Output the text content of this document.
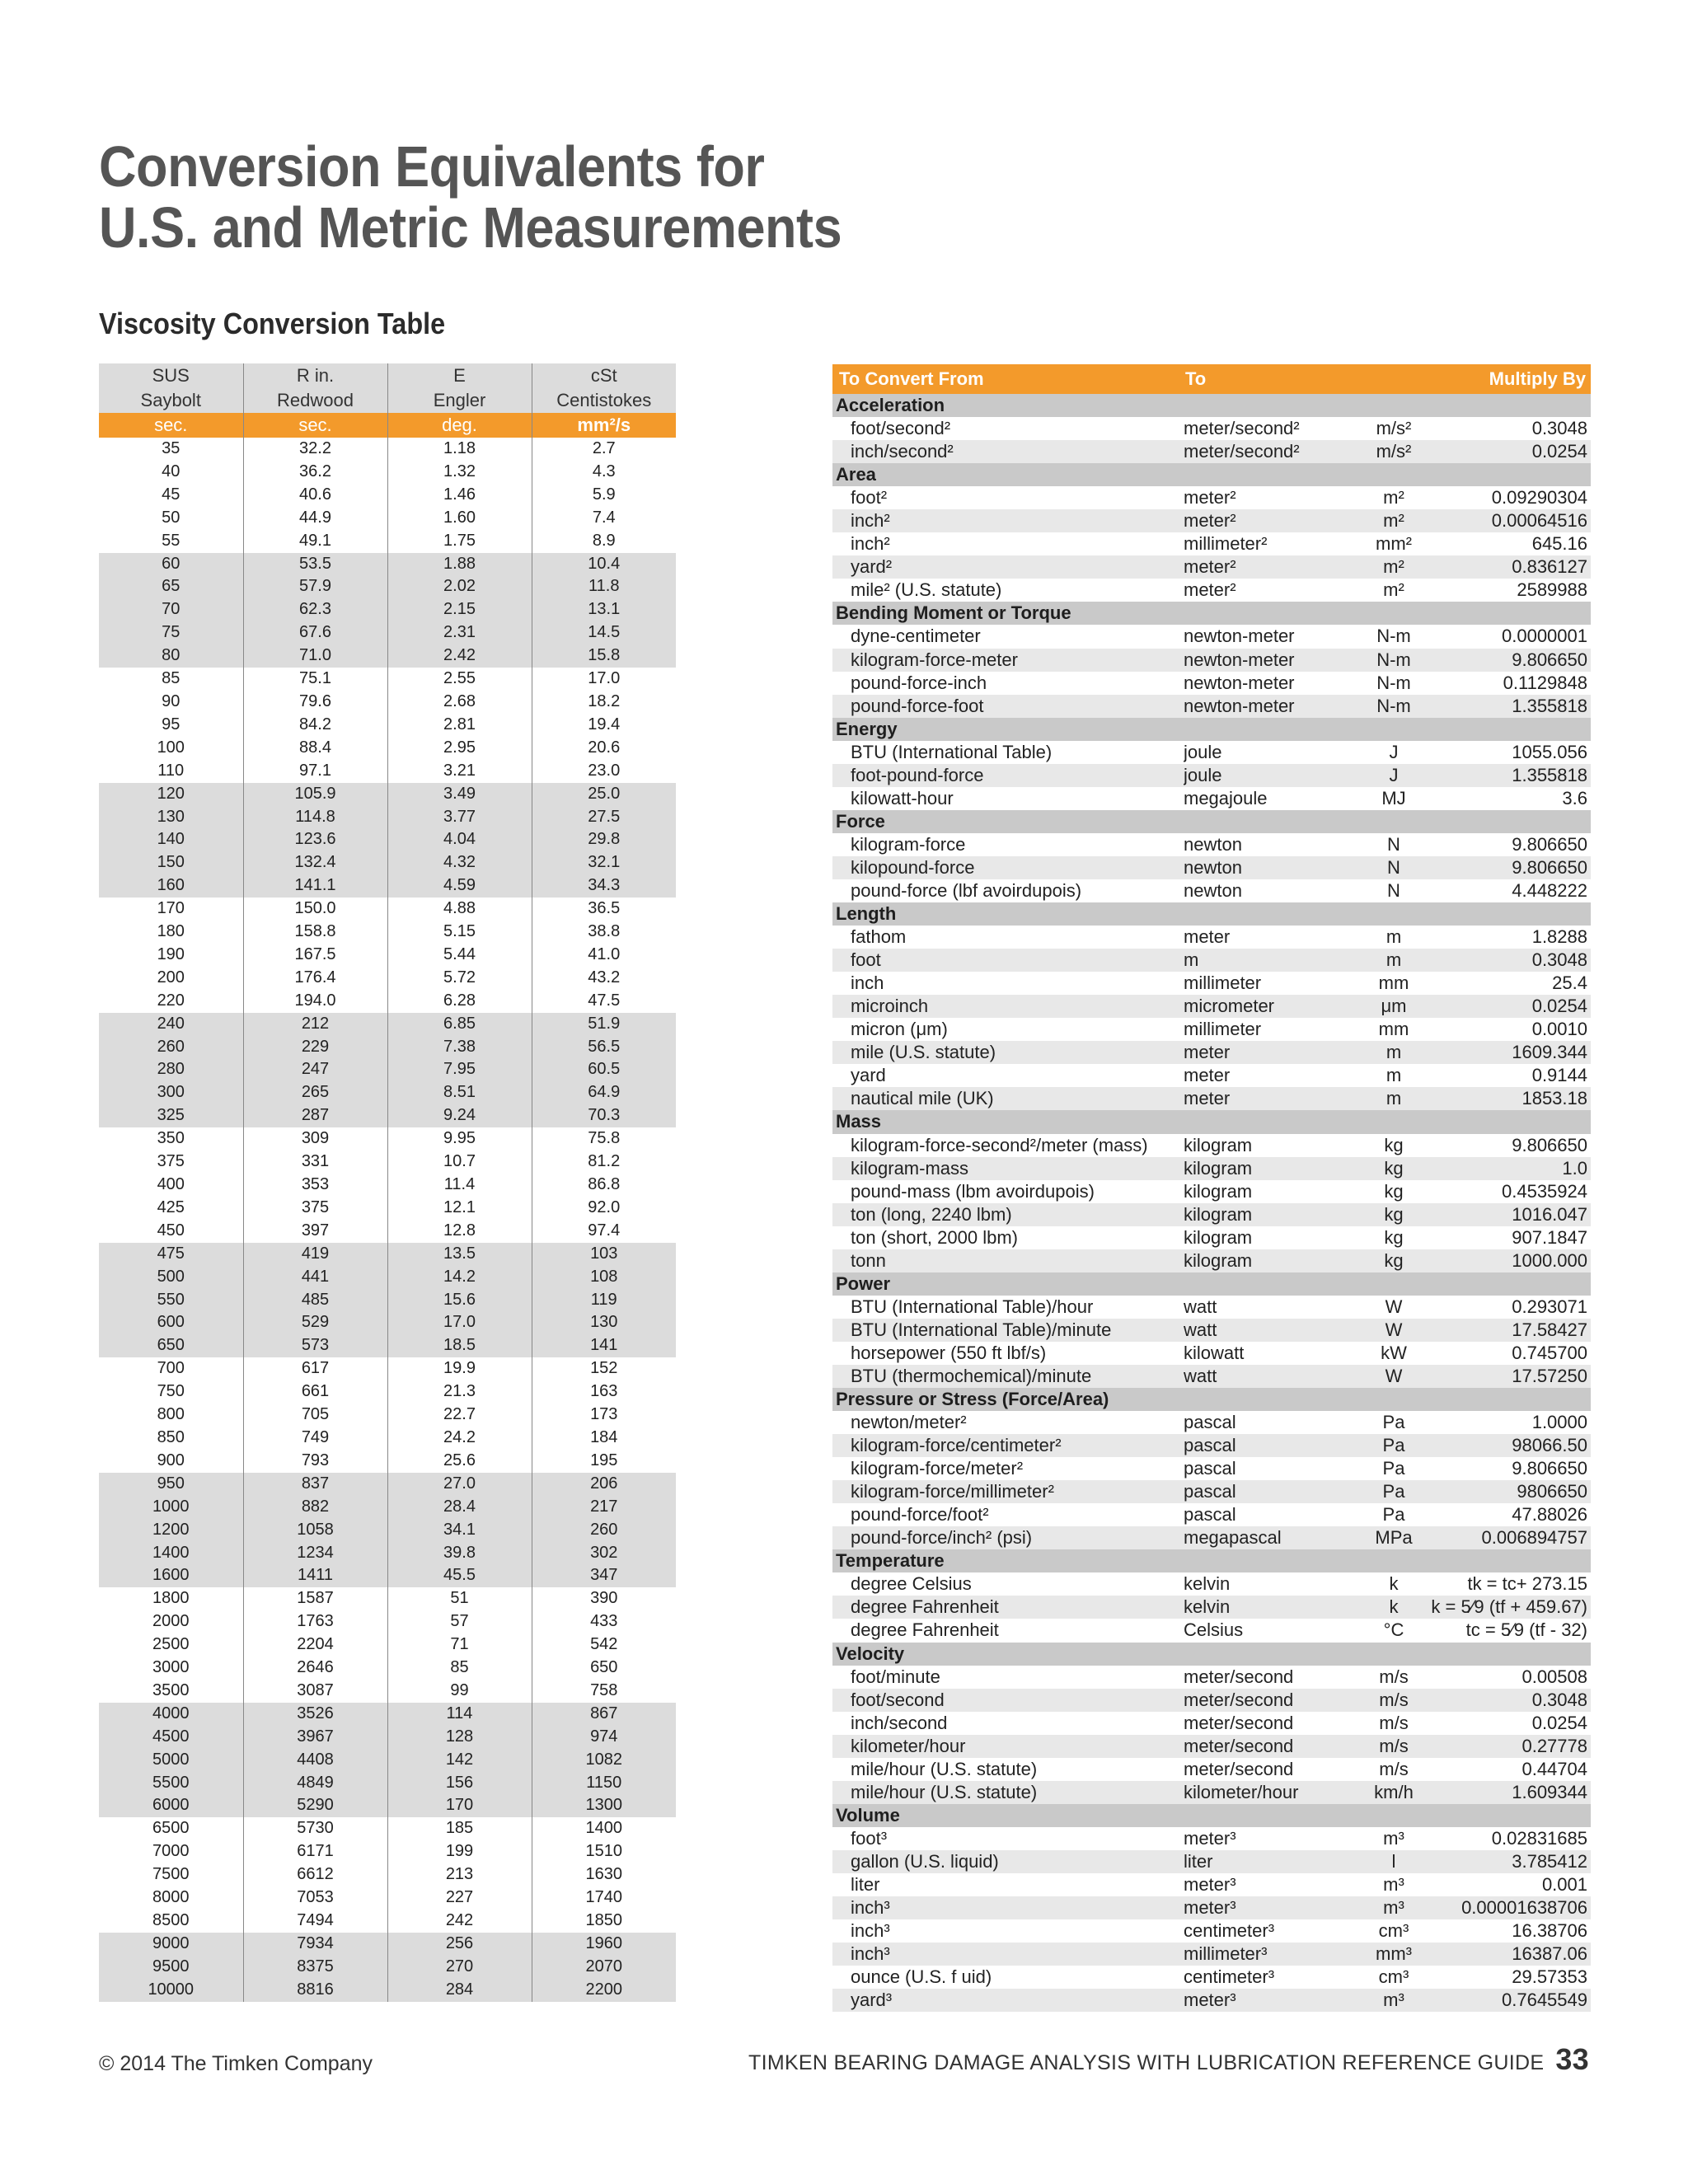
Conversion Equivalents for
U.S. and Metric Measurements
Viscosity Conversion Table
SUS	R in.	E	cSt
Saybolt	Redwood	Engler	Centistokes
sec.	sec.	deg.	mm²/s
35	32.2	1.18	2.7
40	36.2	1.32	4.3
45	40.6	1.46	5.9
50	44.9	1.60	7.4
55	49.1	1.75	8.9
60	53.5	1.88	10.4
65	57.9	2.02	11.8
70	62.3	2.15	13.1
75	67.6	2.31	14.5
80	71.0	2.42	15.8
85	75.1	2.55	17.0
90	79.6	2.68	18.2
95	84.2	2.81	19.4
100	88.4	2.95	20.6
110	97.1	3.21	23.0
120	105.9	3.49	25.0
130	114.8	3.77	27.5
140	123.6	4.04	29.8
150	132.4	4.32	32.1
160	141.1	4.59	34.3
170	150.0	4.88	36.5
180	158.8	5.15	38.8
190	167.5	5.44	41.0
200	176.4	5.72	43.2
220	194.0	6.28	47.5
240	212	6.85	51.9
260	229	7.38	56.5
280	247	7.95	60.5
300	265	8.51	64.9
325	287	9.24	70.3
350	309	9.95	75.8
375	331	10.7	81.2
400	353	11.4	86.8
425	375	12.1	92.0
450	397	12.8	97.4
475	419	13.5	103
500	441	14.2	108
550	485	15.6	119
600	529	17.0	130
650	573	18.5	141
700	617	19.9	152
750	661	21.3	163
800	705	22.7	173
850	749	24.2	184
900	793	25.6	195
950	837	27.0	206
1000	882	28.4	217
1200	1058	34.1	260
1400	1234	39.8	302
1600	1411	45.5	347
1800	1587	51	390
2000	1763	57	433
2500	2204	71	542
3000	2646	85	650
3500	3087	99	758
4000	3526	114	867
4500	3967	128	974
5000	4408	142	1082
5500	4849	156	1150
6000	5290	170	1300
6500	5730	185	1400
7000	6171	199	1510
7500	6612	213	1630
8000	7053	227	1740
8500	7494	242	1850
9000	7934	256	1960
9500	8375	270	2070
10000	8816	284	2200
To Convert From	To		Multiply By
Acceleration			
foot/second²	meter/second²	m/s²	0.3048
inch/second²	meter/second²	m/s²	0.0254
Area			
foot²	meter²	m²	0.09290304
inch²	meter²	m²	0.00064516
inch²	millimeter²	mm²	645.16
yard²	meter²	m²	0.836127
mile² (U.S. statute)	meter²	m²	2589988
Bending Moment or Torque			
dyne-centimeter	newton-meter	N-m	0.0000001
kilogram-force-meter	newton-meter	N-m	9.806650
pound-force-inch	newton-meter	N-m	0.1129848
pound-force-foot	newton-meter	N-m	1.355818
Energy			
BTU (International Table)	joule	J	1055.056
foot-pound-force	joule	J	1.355818
kilowatt-hour	megajoule	MJ	3.6
Force			
kilogram-force	newton	N	9.806650
kilopound-force	newton	N	9.806650
pound-force (lbf avoirdupois)	newton	N	4.448222
Length			
fathom	meter	m	1.8288
foot	m	m	0.3048
inch	millimeter	mm	25.4
microinch	micrometer	μm	0.0254
micron (μm)	millimeter	mm	0.0010
mile (U.S. statute)	meter	m	1609.344
yard	meter	m	0.9144
nautical mile (UK)	meter	m	1853.18
Mass			
kilogram-force-second²/meter (mass)	kilogram	kg	9.806650
kilogram-mass	kilogram	kg	1.0
pound-mass (lbm avoirdupois)	kilogram	kg	0.4535924
ton (long, 2240 lbm)	kilogram	kg	1016.047
ton (short, 2000 lbm)	kilogram	kg	907.1847
tonn	kilogram	kg	1000.000
Power			
BTU (International Table)/hour	watt	W	0.293071
BTU (International Table)/minute	watt	W	17.58427
horsepower (550 ft lbf/s)	kilowatt	kW	0.745700
BTU (thermochemical)/minute	watt	W	17.57250
Pressure or Stress (Force/Area)			
newton/meter²	pascal	Pa	1.0000
kilogram-force/centimeter²	pascal	Pa	98066.50
kilogram-force/meter²	pascal	Pa	9.806650
kilogram-force/millimeter²	pascal	Pa	9806650
pound-force/foot²	pascal	Pa	47.88026
pound-force/inch² (psi)	megapascal	MPa	0.006894757
Temperature			
degree Celsius	kelvin	k	tk = tc+ 273.15
degree Fahrenheit	kelvin	k	k = 5⁄9 (tf + 459.67)
degree Fahrenheit	Celsius	°C	tc = 5⁄9 (tf - 32)
Velocity			
foot/minute	meter/second	m/s	0.00508
foot/second	meter/second	m/s	0.3048
inch/second	meter/second	m/s	0.0254
kilometer/hour	meter/second	m/s	0.27778
mile/hour (U.S. statute)	meter/second	m/s	0.44704
mile/hour (U.S. statute)	kilometer/hour	km/h	1.609344
Volume			
foot³	meter³	m³	0.02831685
gallon (U.S. liquid)	liter	l	3.785412
liter	meter³	m³	0.001
inch³	meter³	m³	0.00001638706
inch³	centimeter³	cm³	16.38706
inch³	millimeter³	mm³	16387.06
ounce (U.S. f uid)	centimeter³	cm³	29.57353
yard³	meter³	m³	0.7645549
© 2014 The Timken Company	TIMKEN BEARING DAMAGE ANALYSIS WITH LUBRICATION REFERENCE GUIDE 33
